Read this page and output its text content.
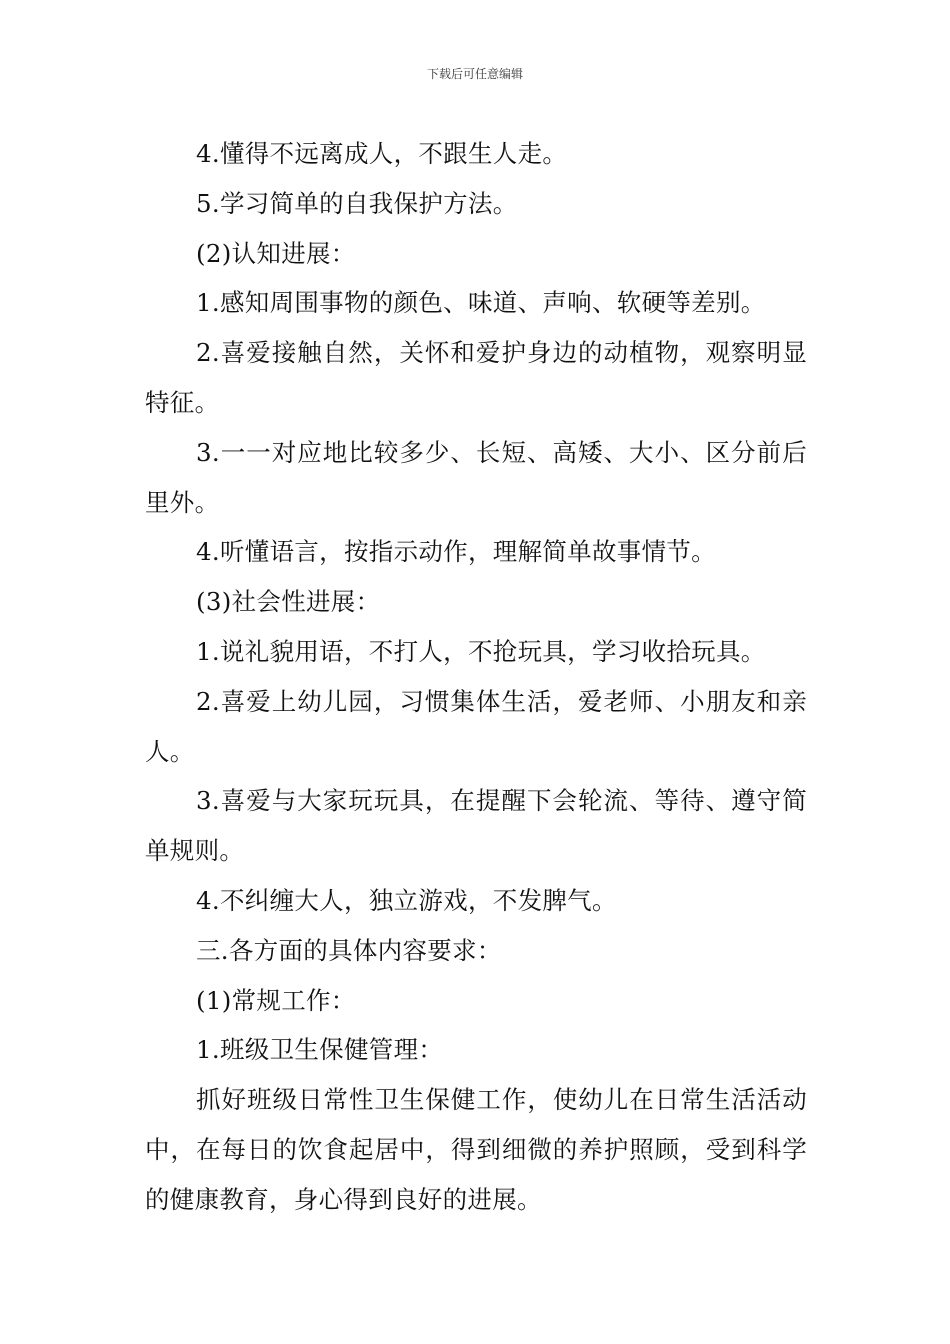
下载后可任意编辑

4.懂得不远离成人，不跟生人走。

5.学习简单的自我保护方法。

(2)认知进展：

1.感知周围事物的颜色、味道、声响、软硬等差别。

2.喜爱接触自然，关怀和爱护身边的动植物，观察明显特征。

3.一一对应地比较多少、长短、高矮、大小、区分前后里外。

4.听懂语言，按指示动作，理解简单故事情节。

(3)社会性进展：

1.说礼貌用语，不打人，不抢玩具，学习收拾玩具。

2.喜爱上幼儿园，习惯集体生活，爱老师、小朋友和亲人。

3.喜爱与大家玩玩具，在提醒下会轮流、等待、遵守简单规则。

4.不纠缠大人，独立游戏，不发脾气。

三.各方面的具体内容要求：

(1)常规工作：

1.班级卫生保健管理：

抓好班级日常性卫生保健工作，使幼儿在日常生活活动中，在每日的饮食起居中，得到细微的养护照顾，受到科学的健康教育，身心得到良好的进展。
